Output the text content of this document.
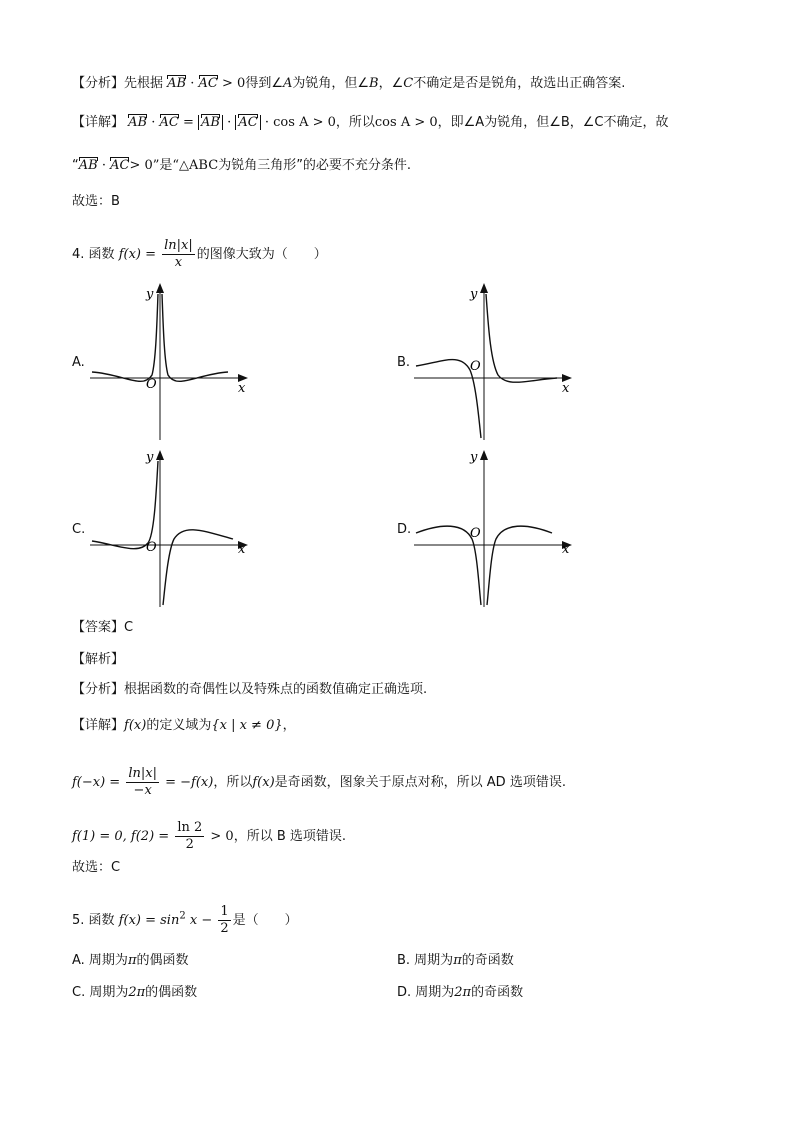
【分析】先根据 AB · AC > 0得到∠A为锐角，但∠B，∠C不确定是否是锐角，故选出正确答案.
【详解】 AB · AC = AB · AC · cos A > 0，所以cos A > 0，即∠A为锐角，但∠B，∠C不确定，故
“AB · AC> 0”是“△ABC为锐角三角形”的必要不充分条件.
故选：B
4. 函数 $f(x) = \frac{\ln|x|}{x}$ 的图像大致为（　　）
A.	B.
C.	D.
x
y
O	x
y
O
x
y
O	x
y
O
【答案】C
【解析】
【分析】根据函数的奇偶性以及特殊点的函数值确定正确选项.
【详解】f(x)的定义域为{x | x ≠ 0}，
$f(-x) = \frac{\ln|x|}{-x} = -f(x)$，所以f(x)是奇函数，图象关于原点对称，所以 AD 选项错误.
f(1) = 0, $f(2) = \frac{\ln 2}{2} > 0$，所以 B 选项错误.
故选：C
5. 函数 $f(x) = \sin^2 x - \frac{1}{2}$ 是（　　）
A. 周期为π的偶函数	B. 周期为π的奇函数
C. 周期为2π的偶函数	D. 周期为2π的奇函数
